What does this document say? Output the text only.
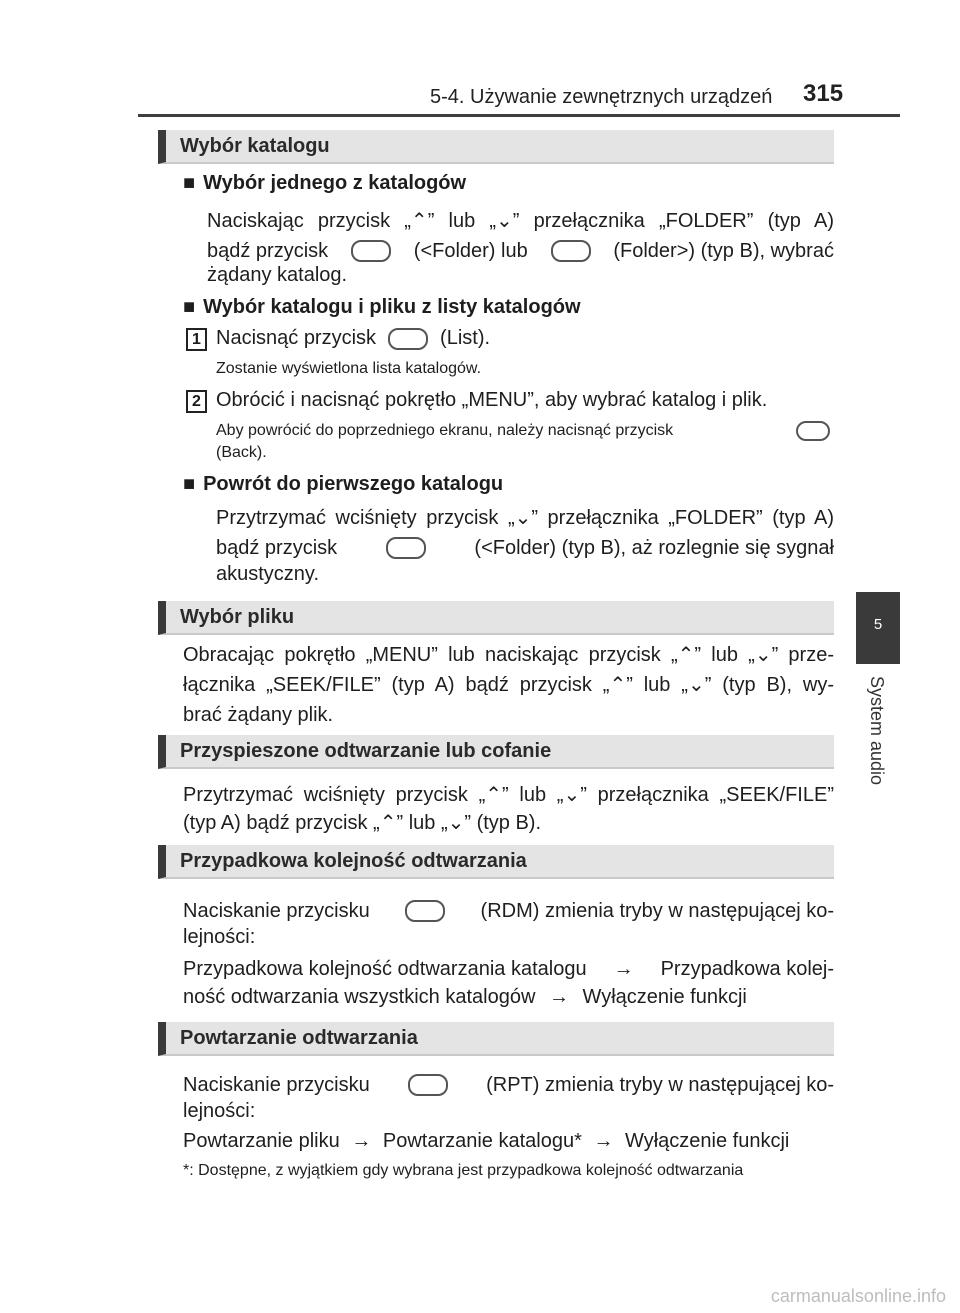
5-4. Używanie zewnętrznych urządzeń 315
5
System audio
Wybór katalogu
■ Wybór jednego z katalogów
Naciskając przycisk „⌃” lub „⌄” przełącznika „FOLDER” (typ A)
bądź przycisk	(<Folder) lub	(Folder>) (typ B), wybrać
żądany katalog.
■ Wybór katalogu i pliku z listy katalogów
1 Nacisnąć przycisk	(List).
Zostanie wyświetlona lista katalogów.
2 Obrócić i nacisnąć pokrętło „MENU”, aby wybrać katalog i plik.
Aby powrócić do poprzedniego ekranu, należy nacisnąć przycisk
(Back).
■ Powrót do pierwszego katalogu
Przytrzymać wciśnięty przycisk „⌄” przełącznika „FOLDER” (typ A)
bądź przycisk	(<Folder) (typ B), aż rozlegnie się sygnał
akustyczny.
Wybór pliku
Obracając pokrętło „MENU” lub naciskając przycisk „⌃” lub „⌄” prze-
łącznika „SEEK/FILE” (typ A) bądź przycisk „⌃” lub „⌄” (typ B), wy-
brać żądany plik.
Przyspieszone odtwarzanie lub cofanie
Przytrzymać wciśnięty przycisk „⌃” lub „⌄” przełącznika „SEEK/FILE”
(typ A) bądź przycisk „⌃” lub „⌄” (typ B).
Przypadkowa kolejność odtwarzania
Naciskanie przycisku	(RDM) zmienia tryby w następującej ko-
lejności:
Przypadkowa kolejność odtwarzania katalogu → Przypadkowa kolej-
ność odtwarzania wszystkich katalogów → Wyłączenie funkcji
Powtarzanie odtwarzania
Naciskanie przycisku	(RPT) zmienia tryby w następującej ko-
lejności:
Powtarzanie pliku → Powtarzanie katalogu* → Wyłączenie funkcji
*: Dostępne, z wyjątkiem gdy wybrana jest przypadkowa kolejność odtwarzania
carmanualsonline.info
